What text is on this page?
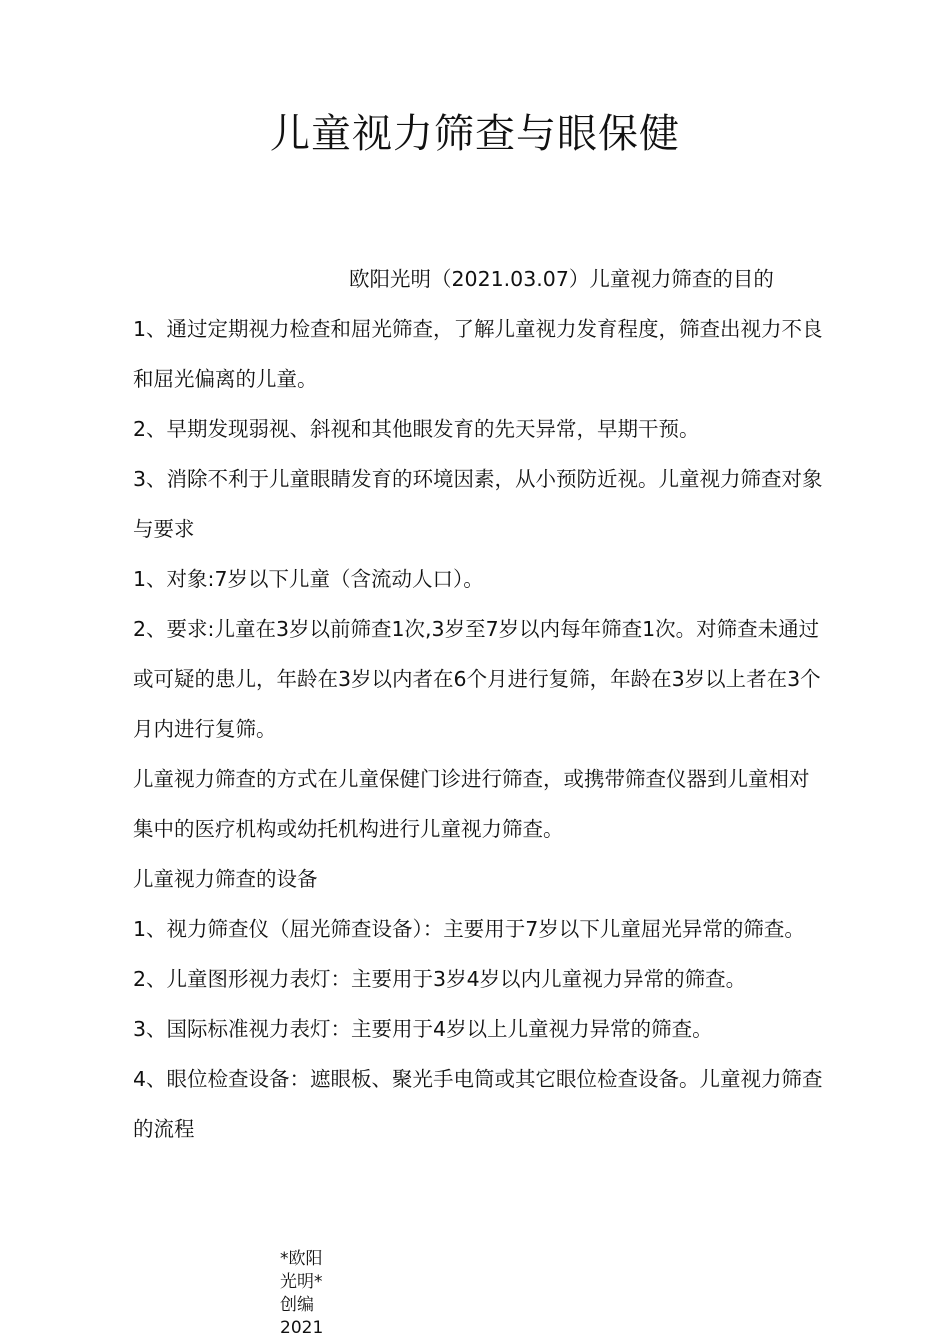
儿童视力筛查与眼保健

欧阳光明（2021.03.07）儿童视力筛查的目的

1、通过定期视力检查和屈光筛查，了解儿童视力发育程度，筛查出视力不良和屈光偏离的儿童。

2、早期发现弱视、斜视和其他眼发育的先天异常，早期干预。

3、消除不利于儿童眼睛发育的环境因素，从小预防近视。儿童视力筛查对象与要求

1、对象:7岁以下儿童（含流动人口）。

2、要求:儿童在3岁以前筛查1次,3岁至7岁以内每年筛查1次。对筛查未通过或可疑的患儿，年龄在3岁以内者在6个月进行复筛，年龄在3岁以上者在3个月内进行复筛。

儿童视力筛查的方式在儿童保健门诊进行筛查，或携带筛查仪器到儿童相对集中的医疗机构或幼托机构进行儿童视力筛查。

儿童视力筛查的设备

1、视力筛查仪（屈光筛查设备）：主要用于7岁以下儿童屈光异常的筛查。

2、儿童图形视力表灯：主要用于3岁4岁以内儿童视力异常的筛查。

3、国际标准视力表灯：主要用于4岁以上儿童视力异常的筛查。

4、眼位检查设备：遮眼板、聚光手电筒或其它眼位检查设备。儿童视力筛查的流程

*欧阳光明*创编2021
